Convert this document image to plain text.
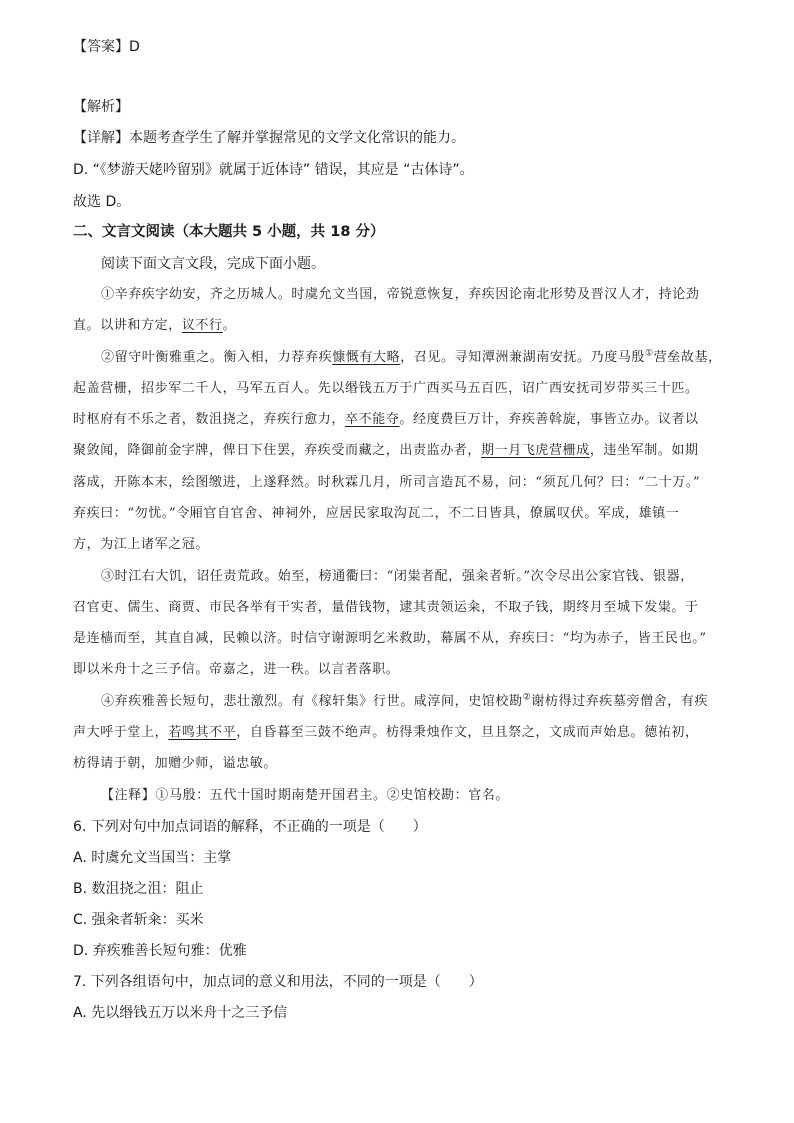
【答案】D
【解析】
【详解】本题考查学生了解并掌握常见的文学文化常识的能力。
D. “《梦游天姥吟留别》就属于近体诗” 错误，其应是 “古体诗”。
故选 D。
二、文言文阅读（本大题共 5 小题，共 18 分）
阅读下面文言文段，完成下面小题。
①辛弃疾字幼安，齐之历城人。时虞允文当国，帝锐意恢复，弃疾因论南北形势及晋汉人才，持论劲
直。以讲和方定，议不行。
②留守叶衡雅重之。衡入相，力荐弃疾慷慨有大略，召见。寻知潭洲兼湖南安抚。乃度马殷①营垒故基，
起盖营栅，招步军二千人，马军五百人。先以缗钱五万于广西买马五百匹，诏广西安抚司岁带买三十匹。
时枢府有不乐之者，数沮挠之，弃疾行愈力，卒不能夺。经度费巨万计，弃疾善斡旋，事皆立办。议者以
聚敛闻，降御前金字牌，俾日下住罢，弃疾受而藏之，出责监办者，期一月飞虎营栅成，违坐军制。如期
落成，开陈本末，绘图缴进，上遂释然。时秋霖几月，所司言造瓦不易，问：“须瓦几何？曰：“二十万。”
弃疾曰：“勿忧。”令厢官自官舍、神祠外，应居民家取沟瓦二，不二日皆具，僚属叹伏。军成，雄镇一
方，为江上诸军之冠。
③时江右大饥，诏任责荒政。始至，榜通衢曰：“闭粜者配，强籴者斩。”次令尽出公家官钱、银器，
召官吏、儒生、商贾、市民各举有干实者，量借钱物，逮其责领运籴，不取子钱，期终月至城下发粜。于
是连樯而至，其直自减，民赖以济。时信守谢源明乞米救助，幕属不从，弃疾曰：“均为赤子，皆王民也。”
即以米舟十之三予信。帝嘉之，进一秩。以言者落职。
④弃疾雅善长短句，悲壮激烈。有《稼轩集》行世。咸淳间，史馆校勘②谢枋得过弃疾墓旁僧舍，有疾
声大呼于堂上，若鸣其不平，自昏暮至三鼓不绝声。枋得秉烛作文，旦且祭之，文成而声始息。德祐初，
枋得请于朝，加赠少师，谥忠敏。
【注释】①马殷：五代十国时期南楚开国君主。②史馆校勘：官名。
6. 下列对句中加点词语的解释，不正确的一项是（　　）
A. 时虞允文当国当：主掌
B. 数沮挠之沮：阻止
C. 强籴者斩籴：买米
D. 弃疾雅善长短句雅：优雅
7. 下列各组语句中，加点词的意义和用法，不同的一项是（　　）
A. 先以缗钱五万以米舟十之三予信
